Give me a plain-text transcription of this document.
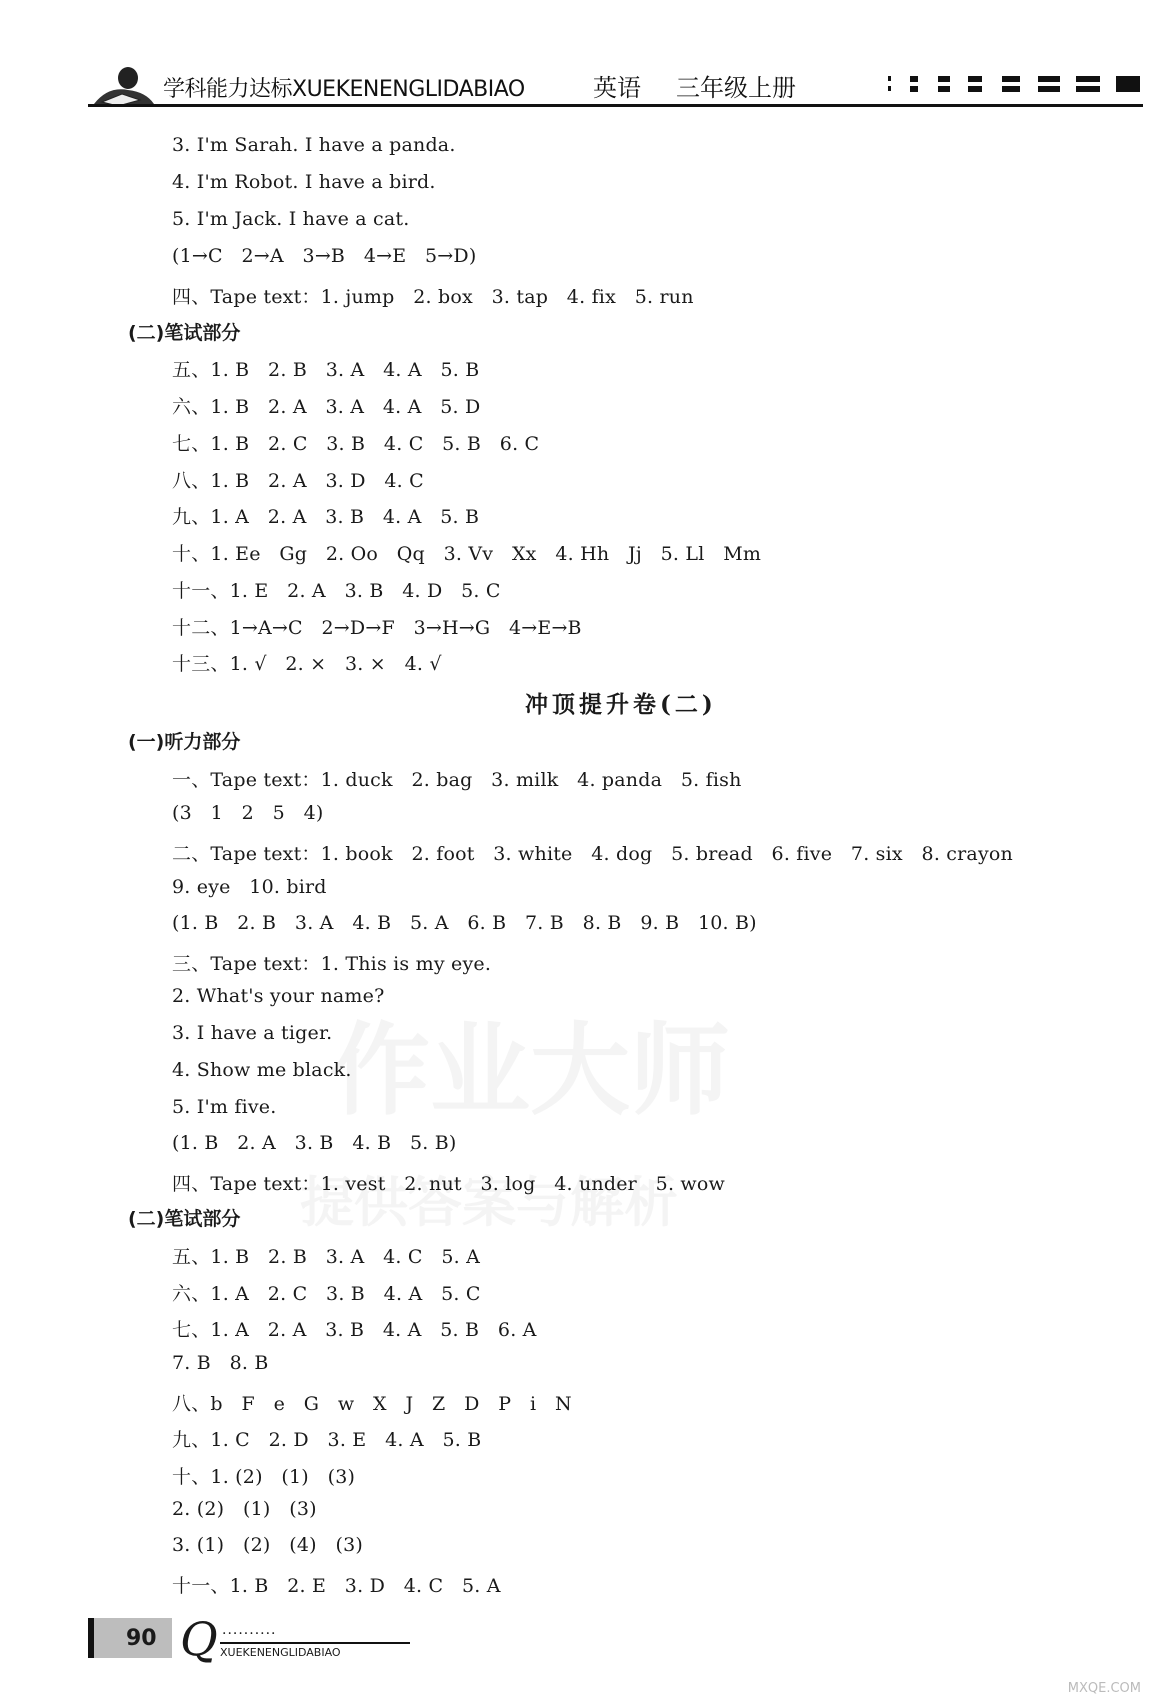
学科能力达标XUEKENENGLIDABIAO	英语 三年级上册
3. I'm Sarah. I have a panda.
4. I'm Robot. I have a bird.
5. I'm Jack. I have a cat.
(1→C   2→A   3→B   4→E   5→D)
四、Tape text：1. jump   2. box   3. tap   4. fix   5. run
(二)笔试部分
五、1. B   2. B   3. A   4. A   5. B
六、1. B   2. A   3. A   4. A   5. D
七、1. B   2. C   3. B   4. C   5. B   6. C
八、1. B   2. A   3. D   4. C
九、1. A   2. A   3. B   4. A   5. B
十、1. Ee   Gg   2. Oo   Qq   3. Vv   Xx   4. Hh   Jj   5. Ll   Mm
十一、1. E   2. A   3. B   4. D   5. C
十二、1→A→C   2→D→F   3→H→G   4→E→B
十三、1. √   2. ×   3. ×   4. √
冲顶提升卷(二)
(一)听力部分
一、Tape text：1. duck   2. bag   3. milk   4. panda   5. fish
(3   1   2   5   4)
二、Tape text：1. book   2. foot   3. white   4. dog   5. bread   6. five   7. six   8. crayon
9. eye   10. bird
(1. B   2. B   3. A   4. B   5. A   6. B   7. B   8. B   9. B   10. B)
三、Tape text：1. This is my eye.
2. What's your name?
3. I have a tiger.
4. Show me black.
5. I'm five.
(1. B   2. A   3. B   4. B   5. B)
四、Tape text：1. vest   2. nut   3. log   4. under   5. wow
(二)笔试部分
五、1. B   2. B   3. A   4. C   5. A
六、1. A   2. C   3. B   4. A   5. C
七、1. A   2. A   3. B   4. A   5. B   6. A
7. B   8. B
八、b   F   e   G   w   X   J   Z   D   P   i   N
九、1. C   2. D   3. E   4. A   5. B
十、1. (2)   (1)   (3)
2. (2)   (1)   (3)
3. (1)   (2)   (4)   (3)
十一、1. B   2. E   3. D   4. C   5. A
90 Q ··········
XUEKENENGLIDABIAO
MXQE.COM
